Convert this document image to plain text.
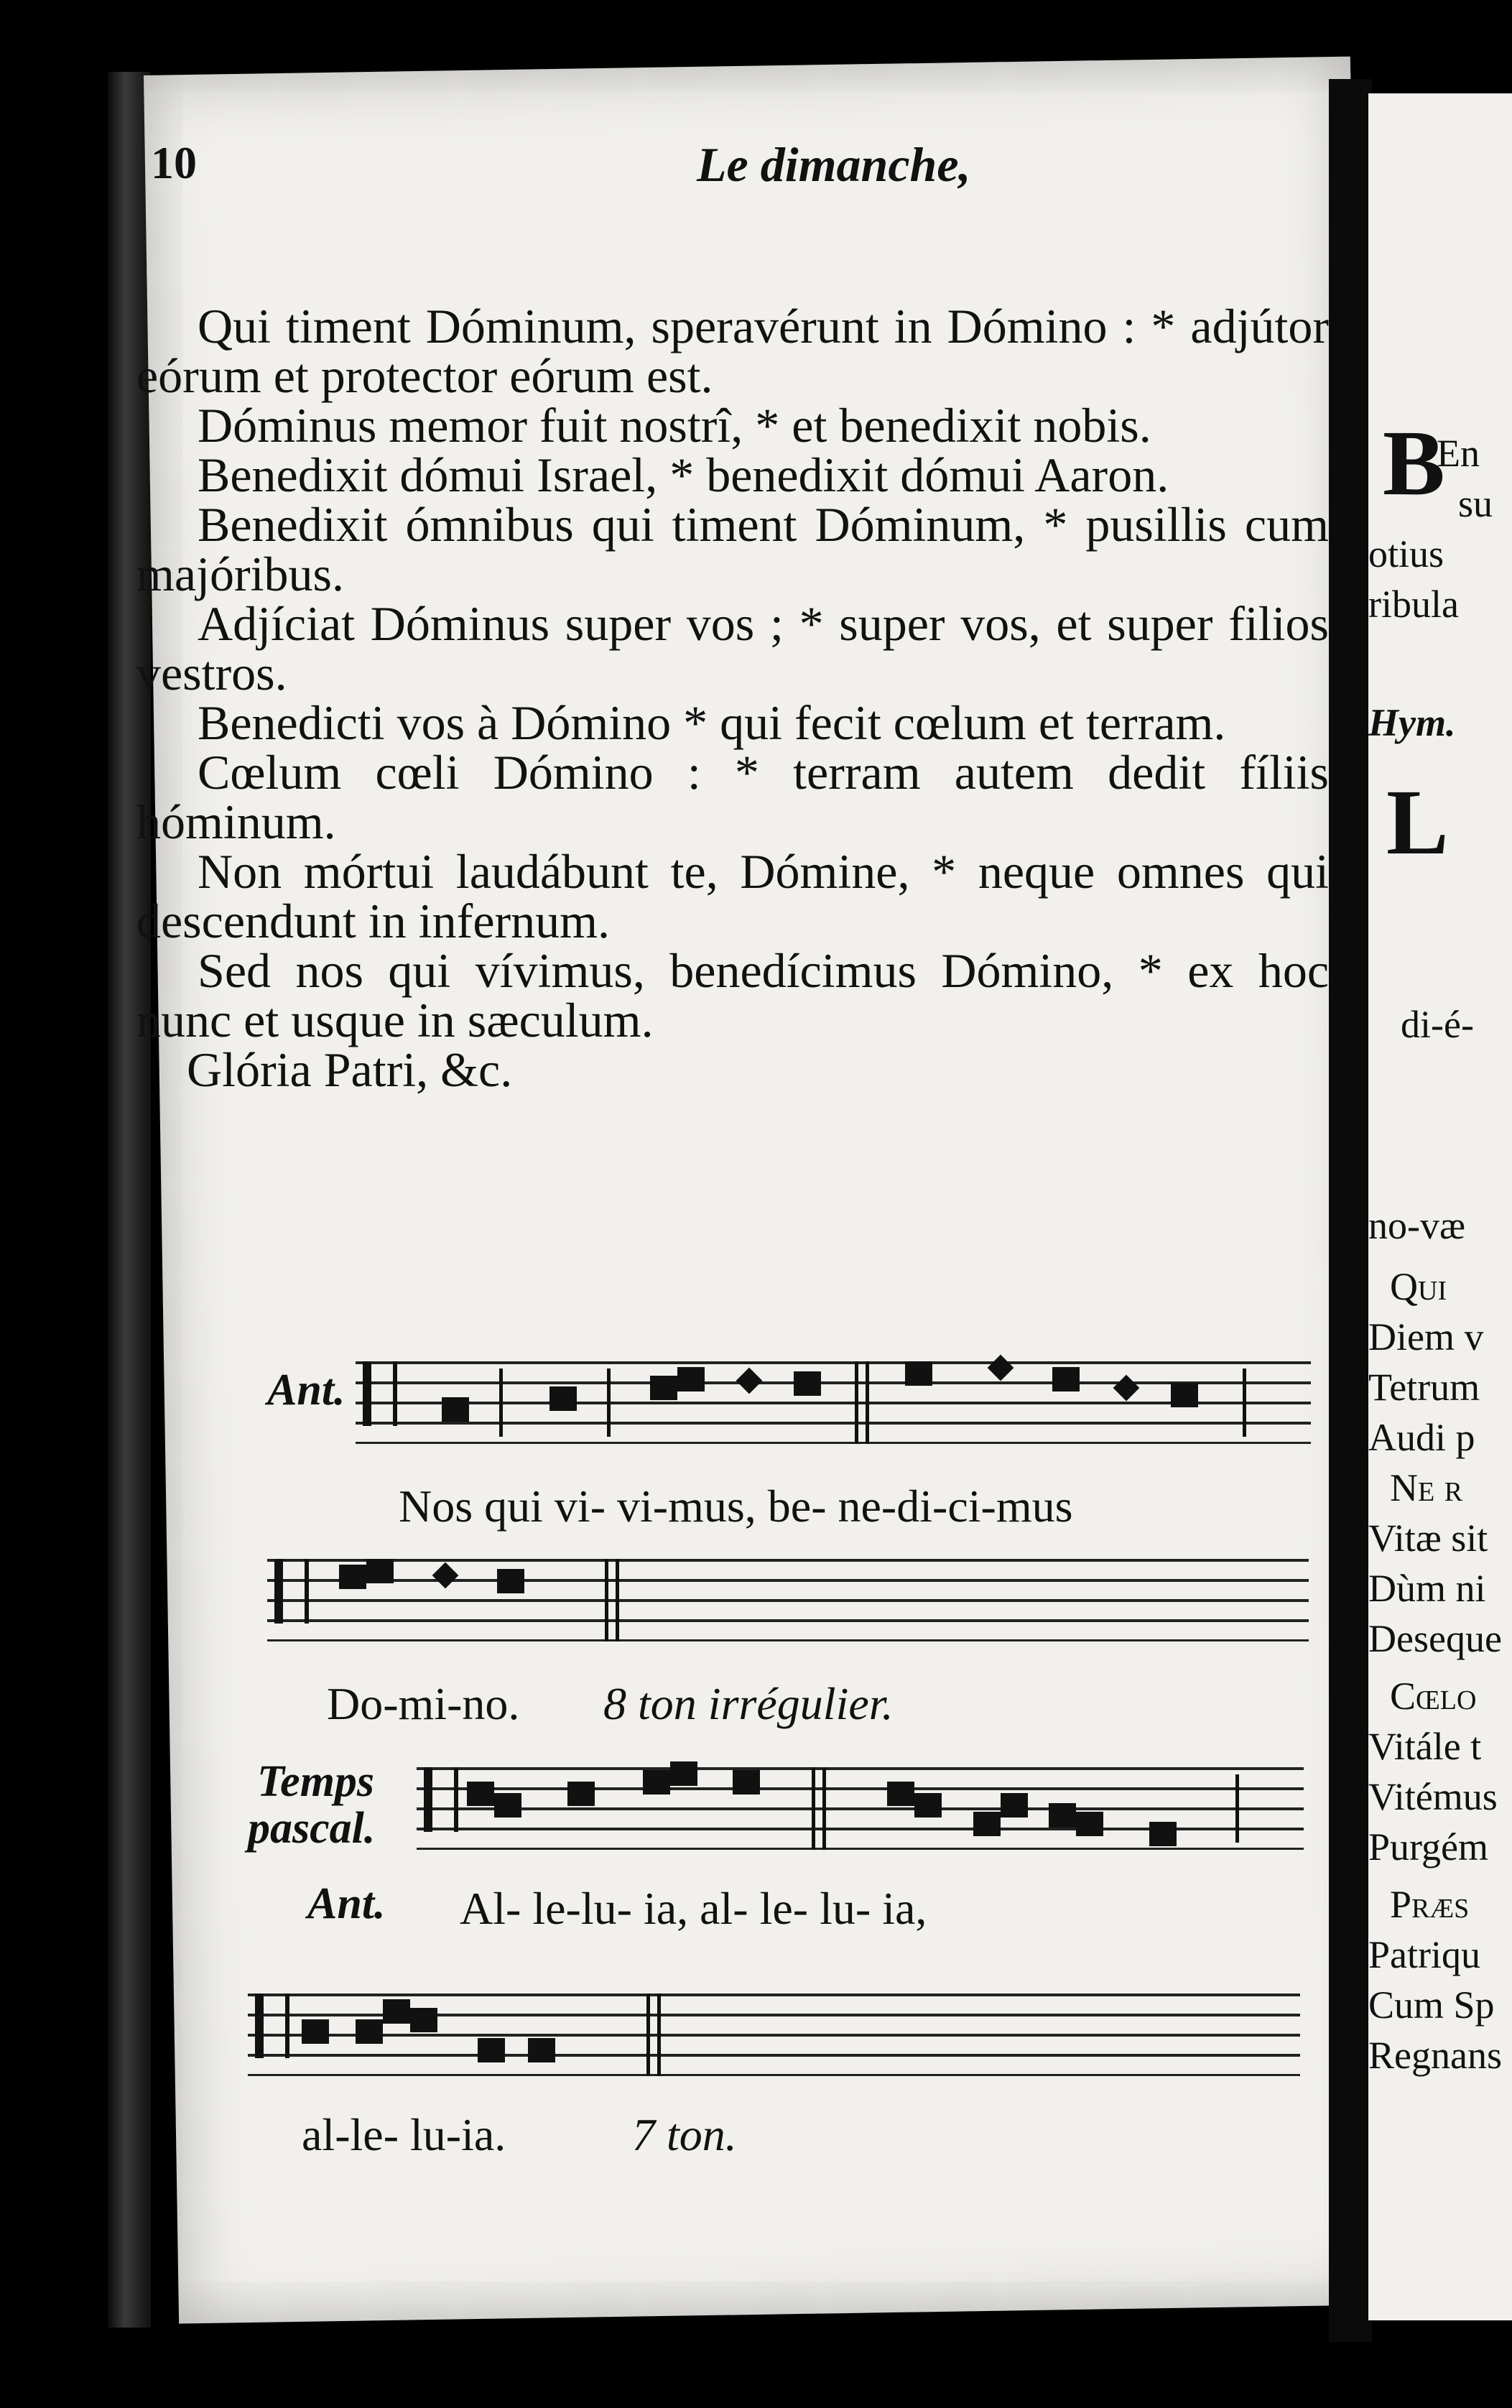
B
En
su
otius
ribula
Hym.
L
di-é-
no-væ
Qui
Diem v
Tetrum
Audi p
Ne r
Vitæ sit
Dùm ni
Deseque
Cœlo
Vitále t
Vitémus
Purgém
Præs
Patriqu
Cum Sp
Regnans
10	Le dimanche,

Qui timent Dóminum, speravérunt in Dómino : * adjútor eórum et protector eórum est.

Dóminus memor fuit nostrî, * et benedixit nobis.

Benedixit dómui Israel, * benedixit dómui Aaron.

Benedixit ómnibus qui timent Dóminum, * pusillis cum majóribus.

Adjíciat Dóminus super vos ; * super vos, et super filios vestros.

Benedicti vos à Dómino * qui fecit cœlum et terram.

Cœlum cœli Dómino : * terram autem dedit fíliis hóminum.

Non mórtui laudábunt te, Dómine, * neque omnes qui descendunt in infernum.

Sed nos qui vívimus, benedícimus Dómino, * ex hoc nunc et usque in sæculum.

Glória Patri, &c.

Ant.
Nos qui vi- vi-mus, be- ne-di-ci-mus
Do-mi-no. 8 ton irrégulier.
Temps
pascal.
Ant. Al- le-lu- ia, al- le- lu- ia,
al-le- lu-ia.	7 ton.
